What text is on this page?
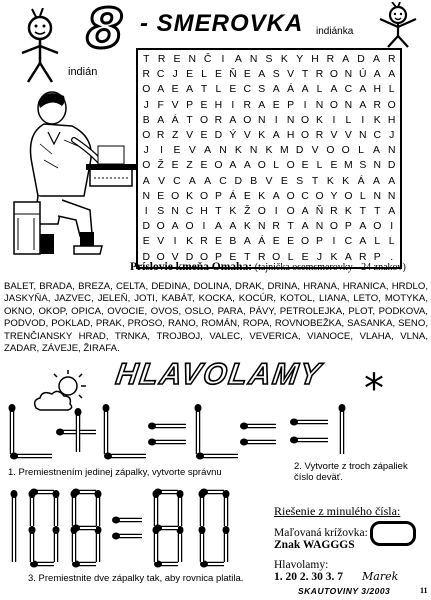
8 - SMEROVKA indiánka
indián
T R E N Č I	A N S K Y H R A D A R
R C J E L E Ň E A S V T R O N Ú A A
O A E A T L E C S A Á A L A C A H L
J F V P E H I R A E P I N O N A R O
B A Á T O R A O N I N O K I L I K H
O R Z V E D Ý V K A H O R V V N C J
J	I	E V A N K N K M D V O O L A N
O Ž E Z E O A A O L O E L E M S N D
A V C A A C D B V E S T K K Á A A
N E O K O P Á E K A O C O Y O L N N
I S N C H T K Ž O I O A Ň R K T T A
D O A O I A A K N R T A N O P A O I
E V I K R E B A Á E E O P I C A L L
D O V D O P E T R O L E J K A R P .
Príslovie kmeňa Omaha: (tajnička osemsmerovky - 24 znakov)
BALET, BRADA, BREZA, CELTA, DEDINA, DOLINA, DRAK, DRINA, HRANA, HRANICA, HRDLO, JASKYŇA, JAZVEC, JELEŇ, JOTI, KABÁT, KOCKA, KOCÚR, KOTOL, LIANA, LETO, MOTYKA, OKNO, OKOP, OPICA, OVOCIE, OVOS, OSLO, PARA, PÁVY, PETROLEJKA, PLOT, PODKOVA, PODVOD, POKLAD, PRAK, PROSO, RANO, ROMÁN, ROPA, ROVNOBEŽKA, SASANKA, SENO, TRENČIANSKY HRAD, TRNKA, TROJBOJ, VALEC, VEVERICA, VIANOCE, VLAHA, VLNA, ZADAR, ZÁVEJE, ŽIRAFA.
HLAVOLAMY *
1. Premiestnením jedinej zápalky, vytvorte správnu
2. Vytvorte z troch zápaliek číslo deväť.
3. Premiestnite dve zápalky tak, aby rovnica platila.
Riešenie z minulého čísla:
Maľovaná krížovka:
Znak WAGGGS
Hlavolamy:
1. 20 2. 30 3. 7	Marek
SKAUTOVINY 3/2003	11
